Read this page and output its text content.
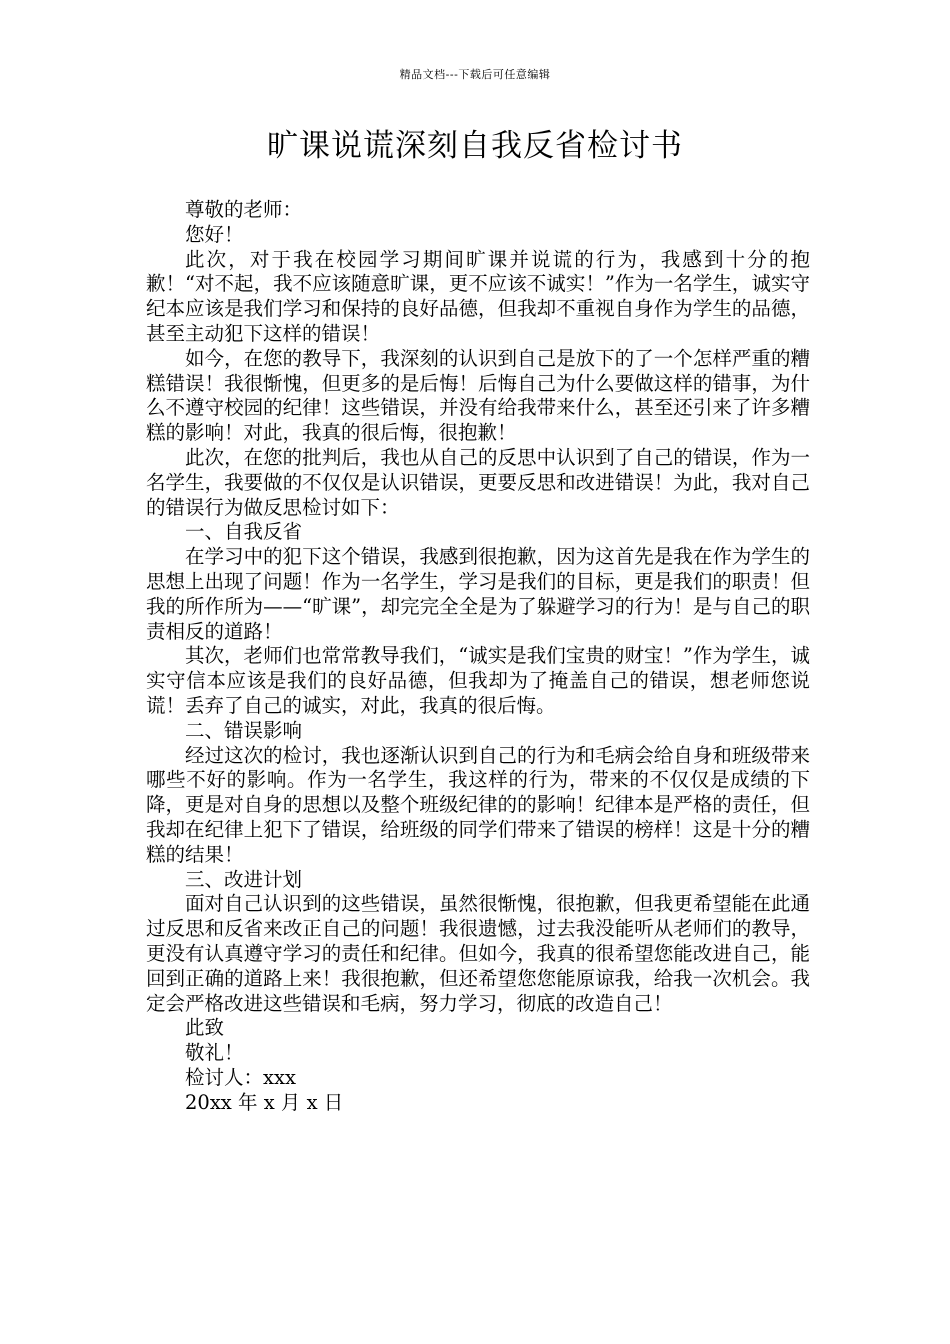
精品文档---下载后可任意编辑
旷课说谎深刻自我反省检讨书

尊敬的老师：

您好！

此次，对于我在校园学习期间旷课并说谎的行为，我感到十分的抱歉！“对不起，我不应该随意旷课，更不应该不诚实！”作为一名学生，诚实守纪本应该是我们学习和保持的良好品德，但我却不重视自身作为学生的品德，甚至主动犯下这样的错误！

如今，在您的教导下，我深刻的认识到自己是放下的了一个怎样严重的糟糕错误！我很惭愧，但更多的是后悔！后悔自己为什么要做这样的错事，为什么不遵守校园的纪律！这些错误，并没有给我带来什么，甚至还引来了许多糟糕的影响！对此，我真的很后悔，很抱歉！

此次，在您的批判后，我也从自己的反思中认识到了自己的错误，作为一名学生，我要做的不仅仅是认识错误，更要反思和改进错误！为此，我对自己的错误行为做反思检讨如下：

一、自我反省

在学习中的犯下这个错误，我感到很抱歉，因为这首先是我在作为学生的思想上出现了问题！作为一名学生，学习是我们的目标，更是我们的职责！但我的所作所为——“旷课”，却完完全全是为了躲避学习的行为！是与自己的职责相反的道路！

其次，老师们也常常教导我们，“诚实是我们宝贵的财宝！”作为学生，诚实守信本应该是我们的良好品德，但我却为了掩盖自己的错误，想老师您说谎！丢弃了自己的诚实，对此，我真的很后悔。

二、错误影响

经过这次的检讨，我也逐渐认识到自己的行为和毛病会给自身和班级带来哪些不好的影响。作为一名学生，我这样的行为，带来的不仅仅是成绩的下降，更是对自身的思想以及整个班级纪律的的影响！纪律本是严格的责任，但我却在纪律上犯下了错误，给班级的同学们带来了错误的榜样！这是十分的糟糕的结果！

三、改进计划

面对自己认识到的这些错误，虽然很惭愧，很抱歉，但我更希望能在此通过反思和反省来改正自己的问题！我很遗憾，过去我没能听从老师们的教导，更没有认真遵守学习的责任和纪律。但如今，我真的很希望您能改进自己，能回到正确的道路上来！我很抱歉，但还希望您您能原谅我，给我一次机会。我定会严格改进这些错误和毛病，努力学习，彻底的改造自己！

此致

敬礼！

检讨人：xxx

20xx 年 x 月 x 日
